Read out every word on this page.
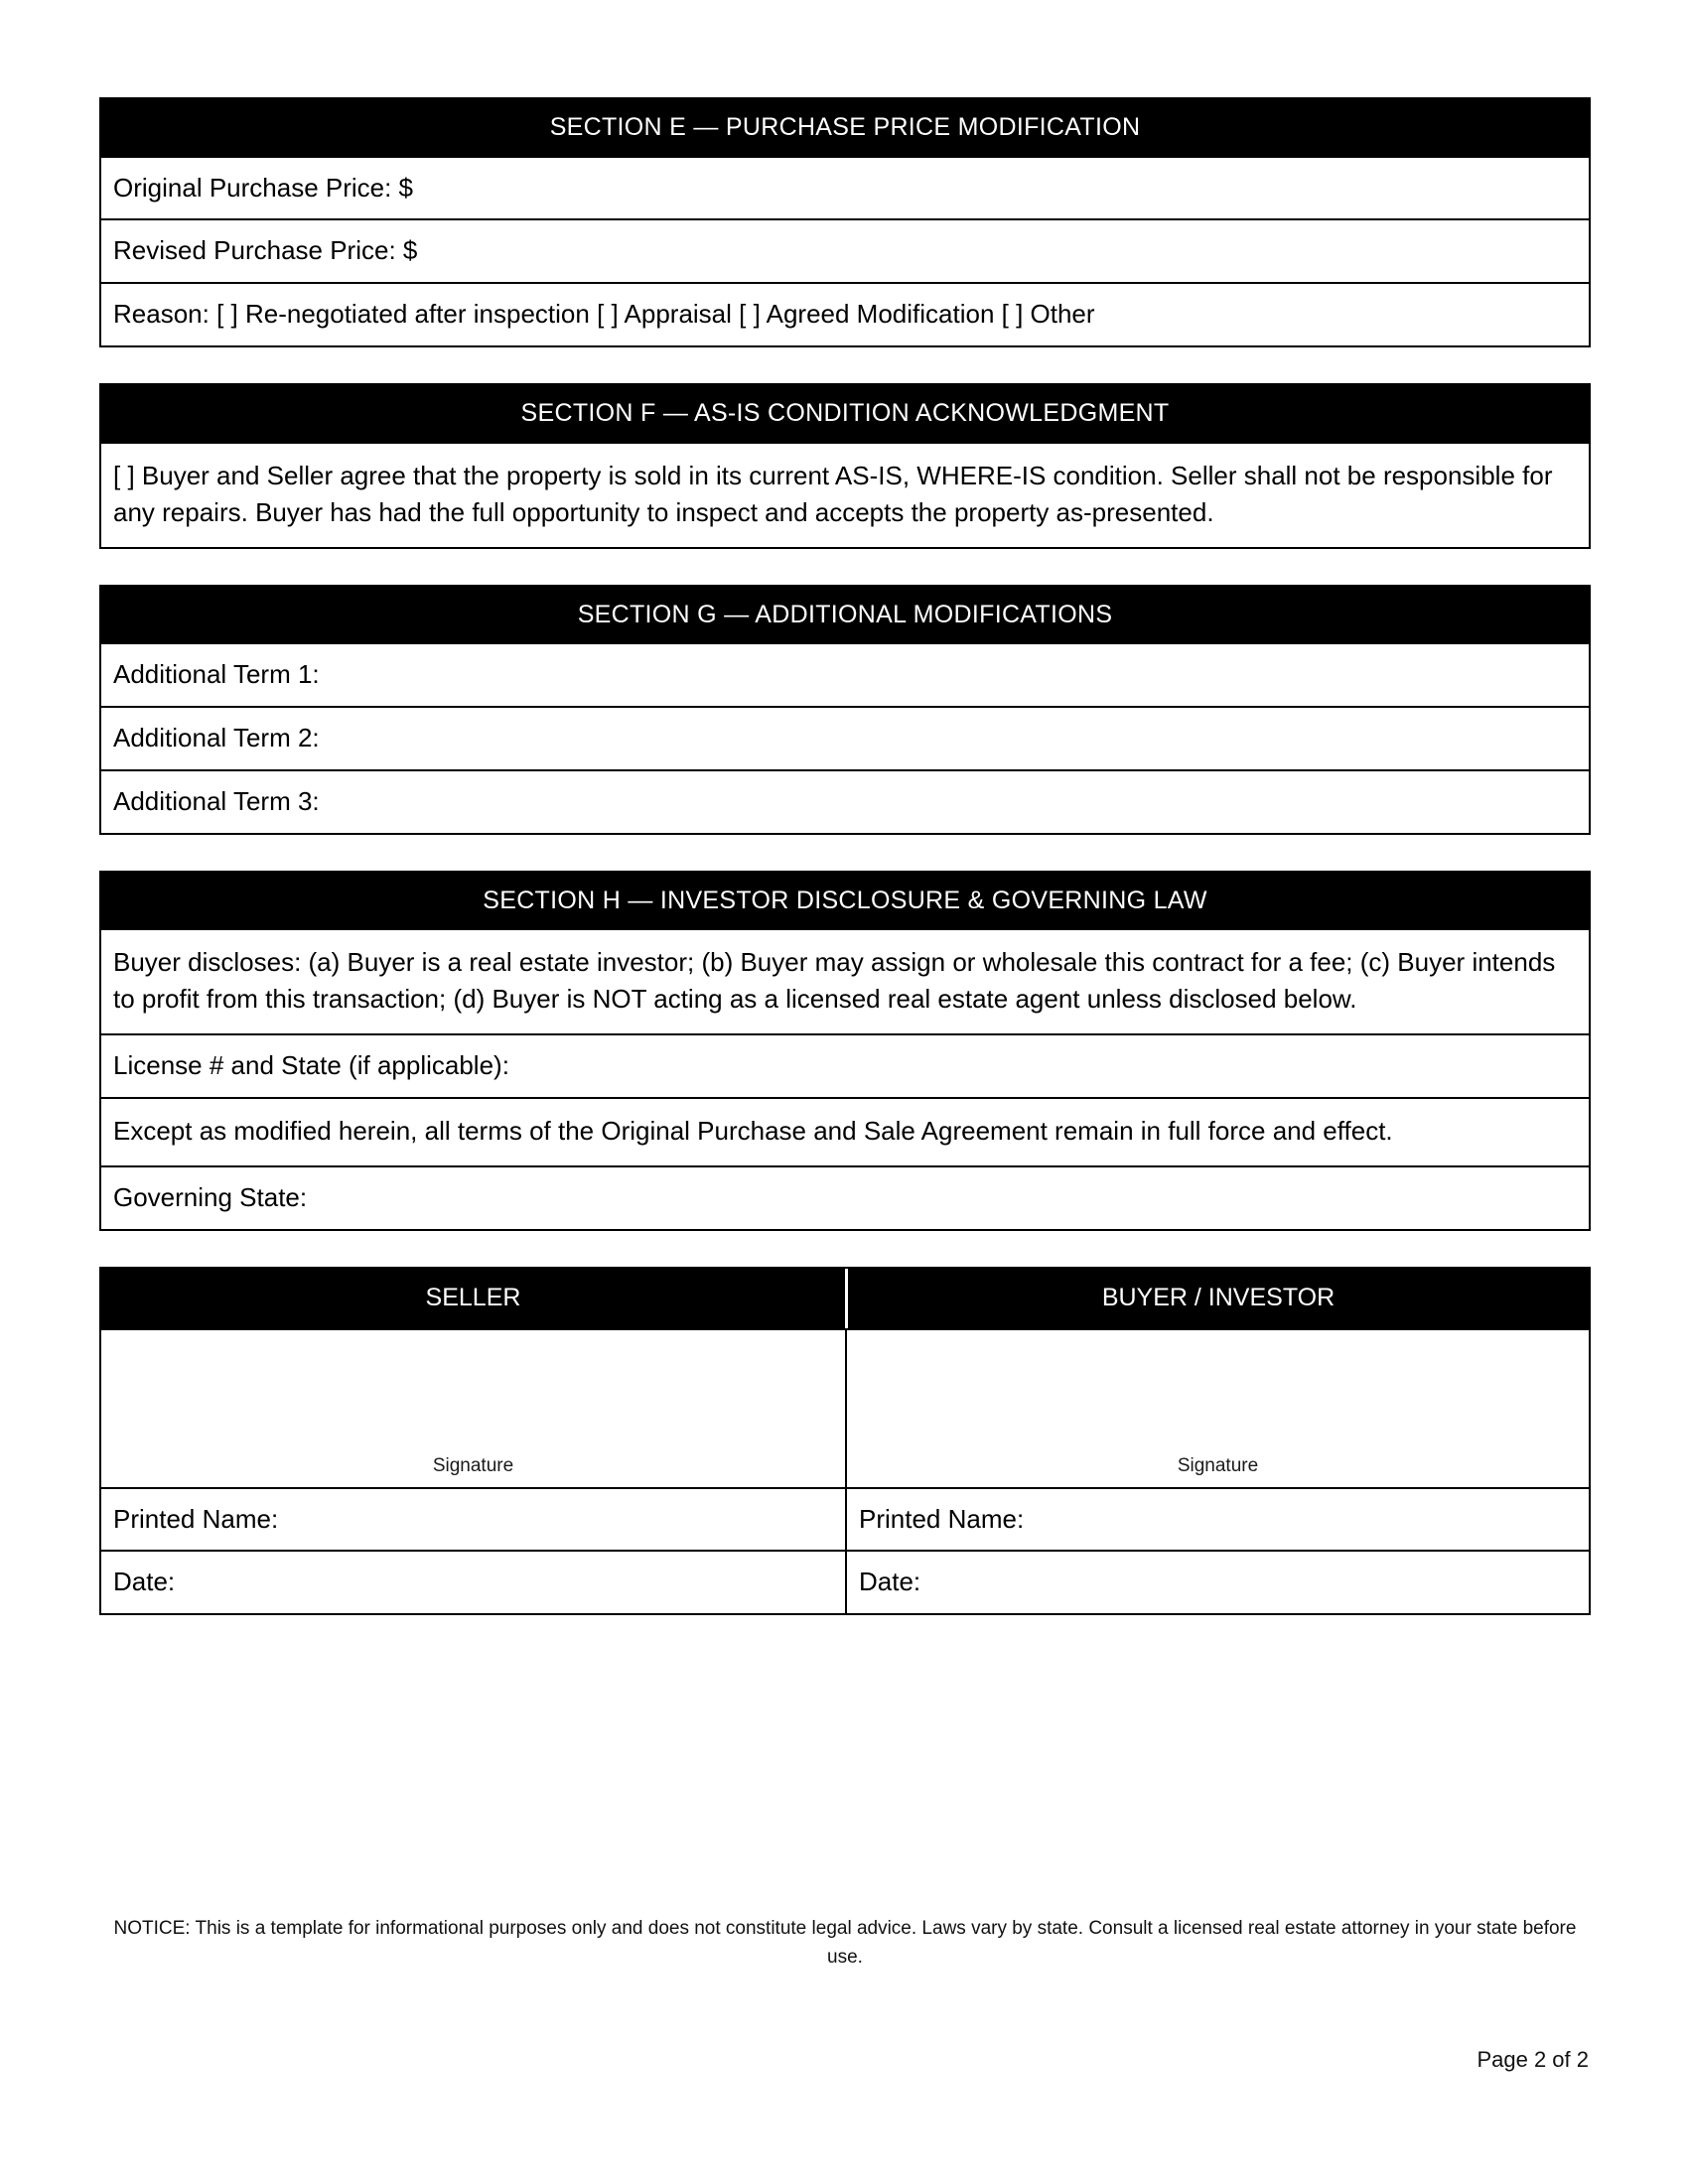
SECTION E — PURCHASE PRICE MODIFICATION
Original Purchase Price: $
Revised Purchase Price: $
Reason: [ ] Re-negotiated after inspection [ ] Appraisal [ ] Agreed Modification [ ] Other
SECTION F — AS-IS CONDITION ACKNOWLEDGMENT
[ ] Buyer and Seller agree that the property is sold in its current AS-IS, WHERE-IS condition. Seller shall not be responsible for any repairs. Buyer has had the full opportunity to inspect and accepts the property as-presented.
SECTION G — ADDITIONAL MODIFICATIONS
Additional Term 1:
Additional Term 2:
Additional Term 3:
SECTION H — INVESTOR DISCLOSURE & GOVERNING LAW
Buyer discloses: (a) Buyer is a real estate investor; (b) Buyer may assign or wholesale this contract for a fee; (c) Buyer intends to profit from this transaction; (d) Buyer is NOT acting as a licensed real estate agent unless disclosed below.
License # and State (if applicable):
Except as modified herein, all terms of the Original Purchase and Sale Agreement remain in full force and effect.
Governing State:
SELLER	BUYER / INVESTOR
Signature	Signature
Printed Name:	Printed Name:
Date:	Date:
NOTICE: This is a template for informational purposes only and does not constitute legal advice. Laws vary by state. Consult a licensed real estate attorney in your state before use.
Page 2 of 2
